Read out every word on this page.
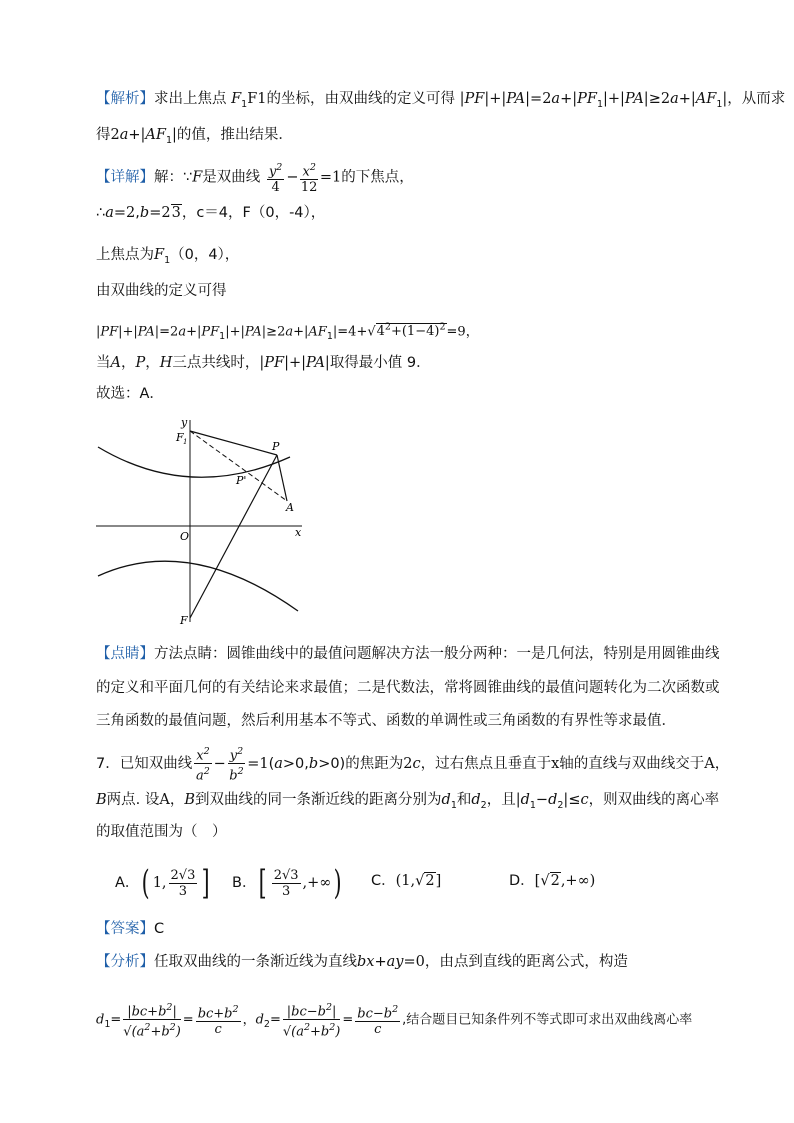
【解析】求出上焦点 $F_1F1$的坐标，由双曲线的定义可得 $|PF|+|PA|=2a+|PF_1|+|PA|\ge 2a+|AF_1|$，从而求
得$2a+|AF_1|$的值，推出结果．
【详解】解：∵F是双曲线 $\frac{y^2}{4} - \frac{x^2}{12} =1$的下焦点，
∴a=2,b=23，c＝4，F（0，-4），
上焦点为$F_1(0$，4），
由双曲线的定义可得
$|PF|+|PA|=2a+|PF_1|+|PA|\ge 2a+|AF_1|=4+√4^2+(1-4)^2=9$，
当A，P，H三点共线时，|PF|+|PA|取得最小值 9．
故选：A．
y
F 1	P
P'
A
x
O
F
【点睛】方法点睛：圆锥曲线中的最值问题解决方法一般分两种：一是几何法，特别是用圆锥曲线
的定义和平面几何的有关结论来求最值；二是代数法，常将圆锥曲线的最值问题转化为二次函数或
三角函数的最值问题，然后利用基本不等式、函数的单调性或三角函数的有界性等求最值．
7．已知双曲线 $\frac{x^2}{a^2} - \frac{y^2}{b^2} =1(a>0,b>0)$的焦距为2c，过右焦点且垂直于x轴的直线与双曲线交于A，
B两点. 设A，B到双曲线的同一条渐近线的距离分别为$d_1$和$d_2$，且$|d_1-d_2|\le c$，则双曲线的离心率
的取值范围为（　）
A．( 1, $\frac{2√3}{3}$ ] B．[ $\frac{2√3}{3}$ ,+∞) C．(1,√2]	D．[√2,+∞)
【答案】C
【分析】任取双曲线的一条渐近线为直线bx+ay=0，由点到直线的距离公式，构造
$d_1= \frac{|bc+b^2|}{√(a^2+b^2)} = \frac{bc+b^2}{c}$ ，$d_2= \frac{|bc-b^2|}{√(a^2+b^2)} = \frac{bc-b^2}{c}$ ,结合题目已知条件列不等式即可求出双曲线离心率
